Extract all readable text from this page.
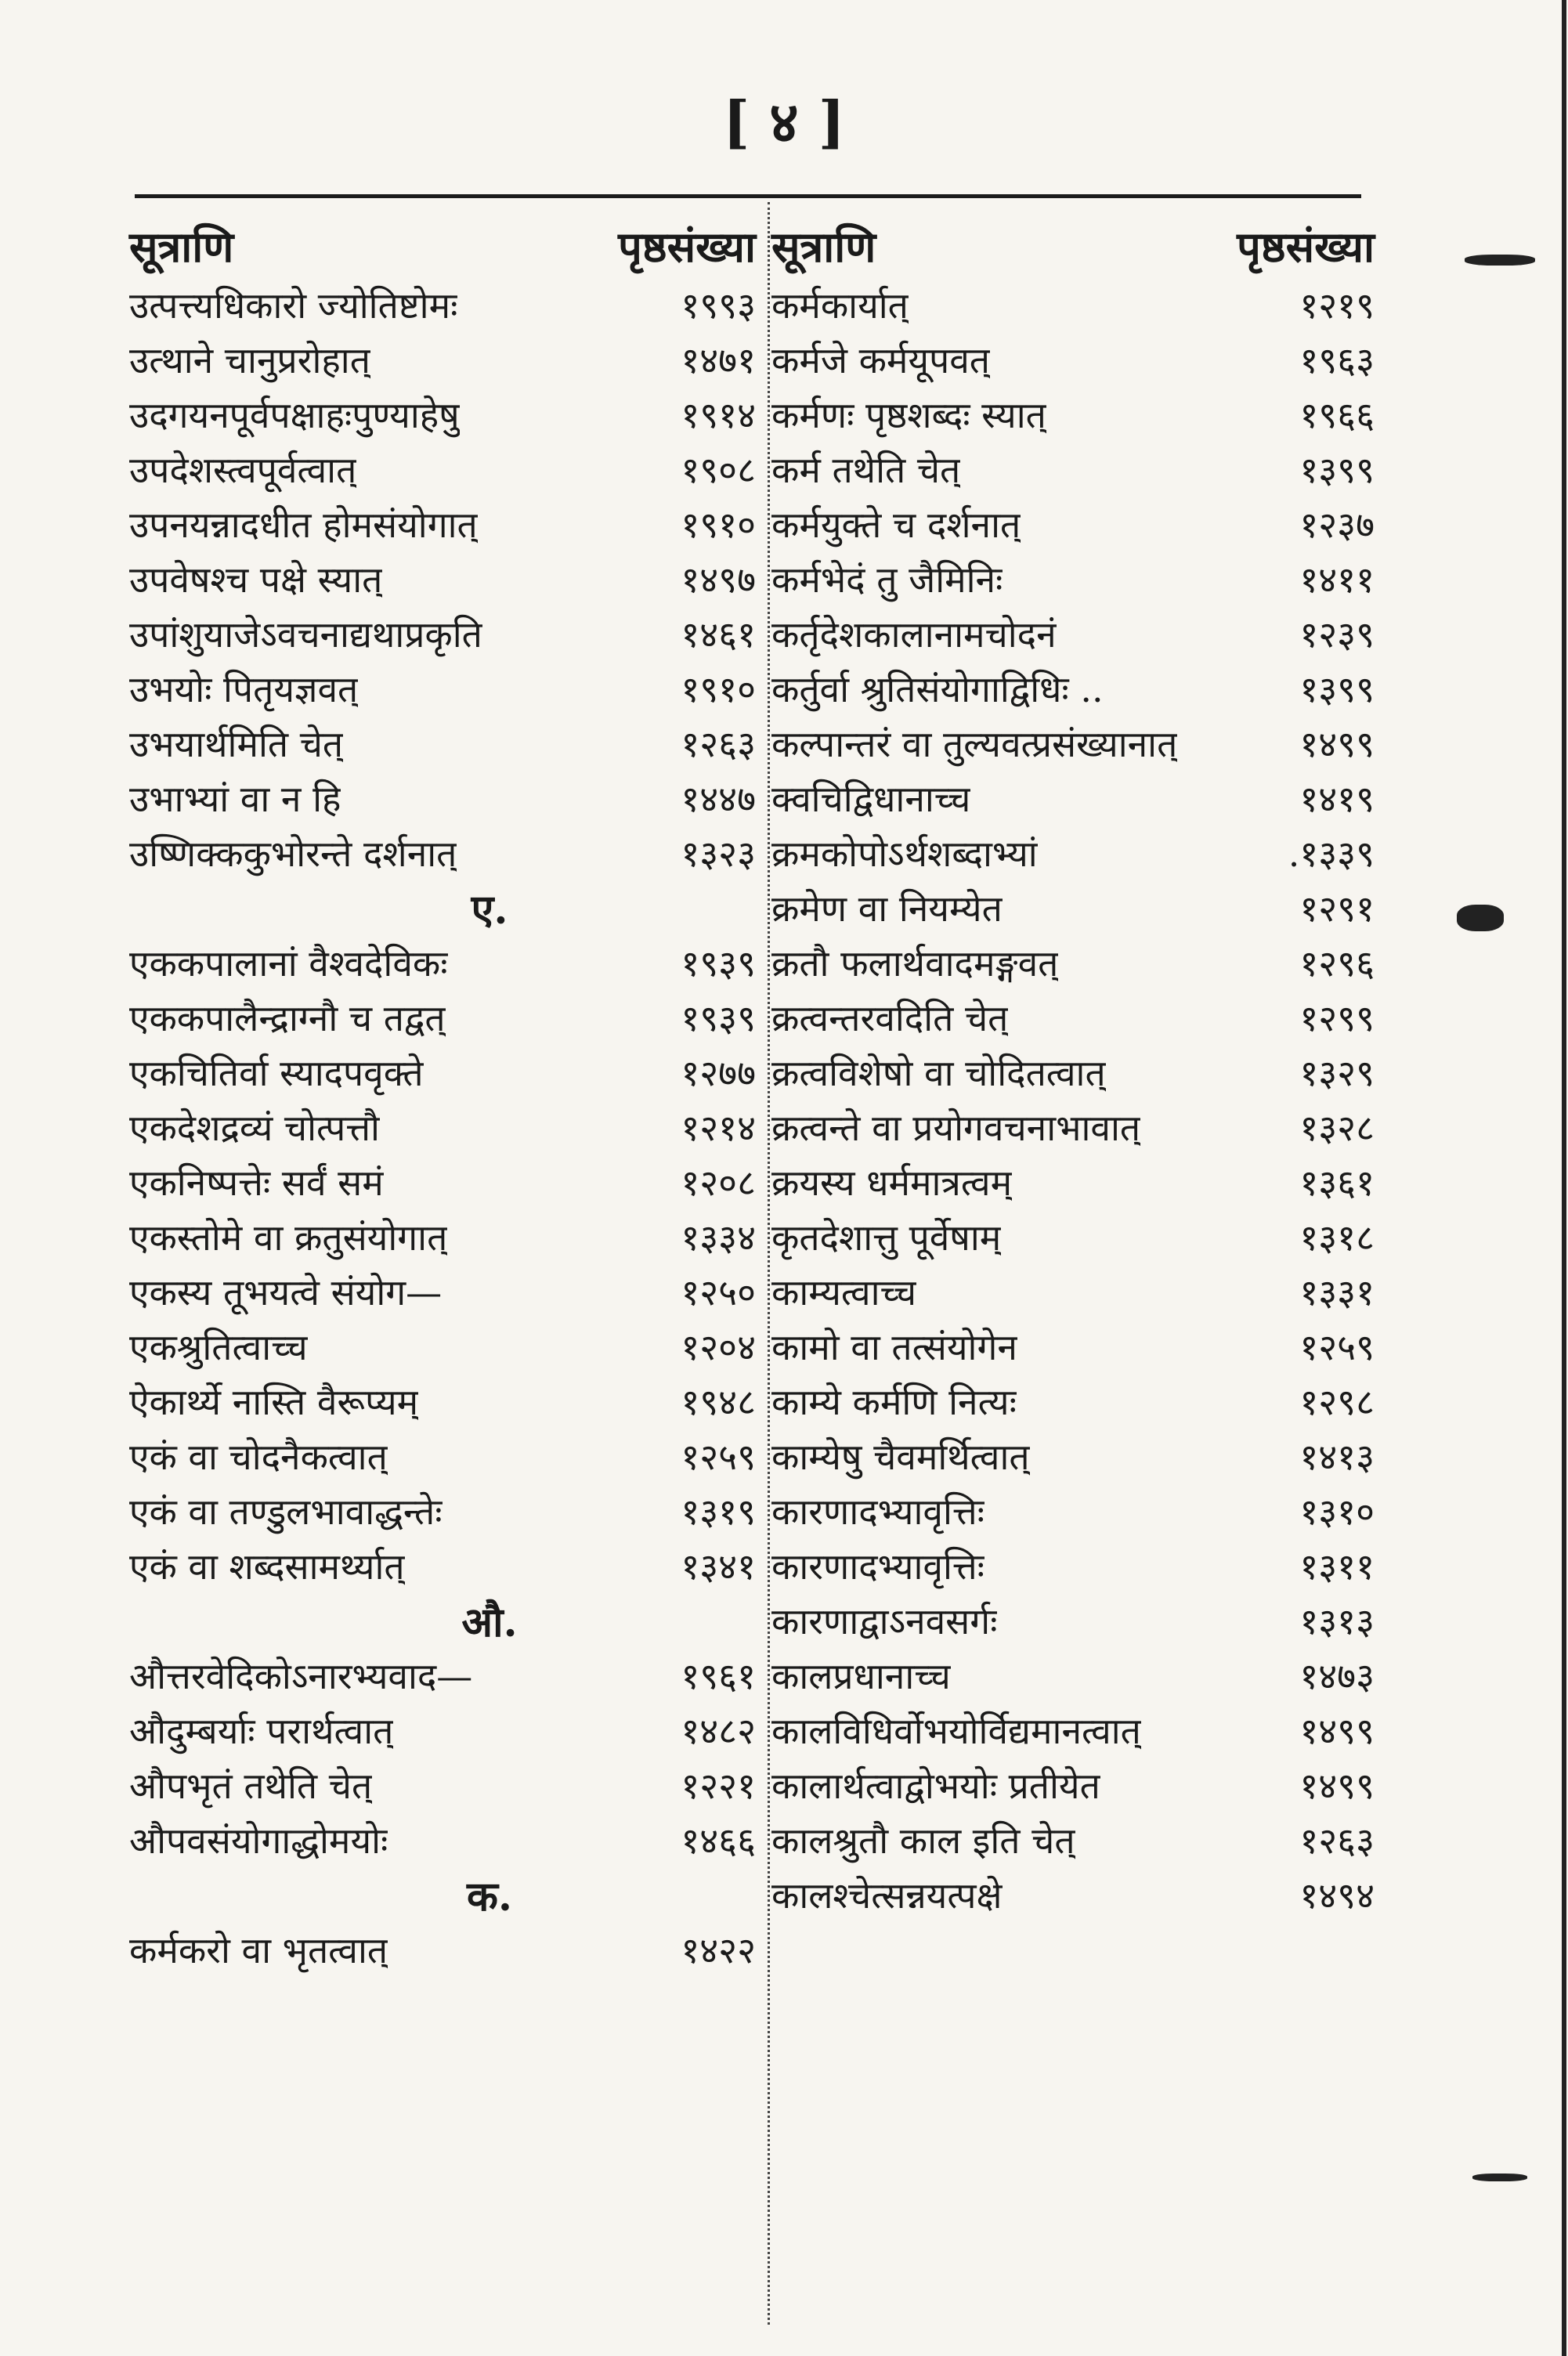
[ ४ ]
सूत्राणि	पृष्ठसंख्या
उत्पत्त्यधिकारो ज्योतिष्टोमः	१९९३
उत्थाने चानुप्ररोहात्	१४७१
उदगयनपूर्वपक्षाहःपुण्याहेषु	१९१४
उपदेशस्त्वपूर्वत्वात्	१९०८
उपनयन्नादधीत होमसंयोगात्	१९१०
उपवेषश्च पक्षे स्यात्	१४९७
उपांशुयाजेऽवचनाद्यथाप्रकृति	१४६१
उभयोः पितृयज्ञवत्	१९१०
उभयार्थमिति चेत्	१२६३
उभाभ्यां वा न हि	१४४७
उष्णिक्ककुभोरन्ते दर्शनात्	१३२३
ए.
एककपालानां वैश्वदेविकः	१९३९
एककपालैन्द्राग्नौ च तद्वत्	१९३९
एकचितिर्वा स्यादपवृक्ते	१२७७
एकदेशद्रव्यं चोत्पत्तौ	१२१४
एकनिष्पत्तेः सर्वं समं	१२०८
एकस्तोमे वा क्रतुसंयोगात्	१३३४
एकस्य तूभयत्वे संयोग—	१२५०
एकश्रुतित्वाच्च	१२०४
ऐकार्थ्ये नास्ति वैरूप्यम्	१९४८
एकं वा चोदनैकत्वात्	१२५९
एकं वा तण्डुलभावाद्धन्तेः	१३१९
एकं वा शब्दसामर्थ्यात्	१३४१
औ.
औत्तरवेदिकोऽनारभ्यवाद—	१९६१
औदुम्बर्याः परार्थत्वात्	१४८२
औपभृतं तथेति चेत्	१२२१
औपवसंयोगाद्धोमयोः	१४६६
क.
कर्मकरो वा भृतत्वात्	१४२२
सूत्राणि	पृष्ठसंख्या
कर्मकार्यात्	१२१९
कर्मजे कर्मयूपवत्	१९६३
कर्मणः पृष्ठशब्दः स्यात्	१९६६
कर्म तथेति चेत्	१३९९
कर्मयुक्ते च दर्शनात्	१२३७
कर्मभेदं तु जैमिनिः	१४११
कर्तृदेशकालानामचोदनं	१२३९
कर्तुर्वा श्रुतिसंयोगाद्विधिः ..	१३९९
कल्पान्तरं वा तुल्यवत्प्रसंख्यानात्	१४९९
क्वचिद्विधानाच्च	१४१९
क्रमकोपोऽर्थशब्दाभ्यां	.१३३९
क्रमेण वा नियम्येत	१२९१
क्रतौ फलार्थवादमङ्गवत्	१२९६
क्रत्वन्तरवदिति चेत्	१२९९
क्रत्वविशेषो वा चोदितत्वात्	१३२९
क्रत्वन्ते वा प्रयोगवचनाभावात्	१३२८
क्रयस्य धर्ममात्रत्वम्	१३६१
कृतदेशात्तु पूर्वेषाम्	१३१८
काम्यत्वाच्च	१३३१
कामो वा तत्संयोगेन	१२५९
काम्ये कर्मणि नित्यः	१२९८
काम्येषु चैवमर्थित्वात्	१४१३
कारणादभ्यावृत्तिः	१३१०
कारणादभ्यावृत्तिः	१३११
कारणाद्वाऽनवसर्गः	१३१३
कालप्रधानाच्च	१४७३
कालविधिर्वोभयोर्विद्यमानत्वात्	१४९९
कालार्थत्वाद्वोभयोः प्रतीयेत	१४९९
कालश्रुतौ काल इति चेत्	१२६३
कालश्चेत्सन्नयत्पक्षे	१४९४
